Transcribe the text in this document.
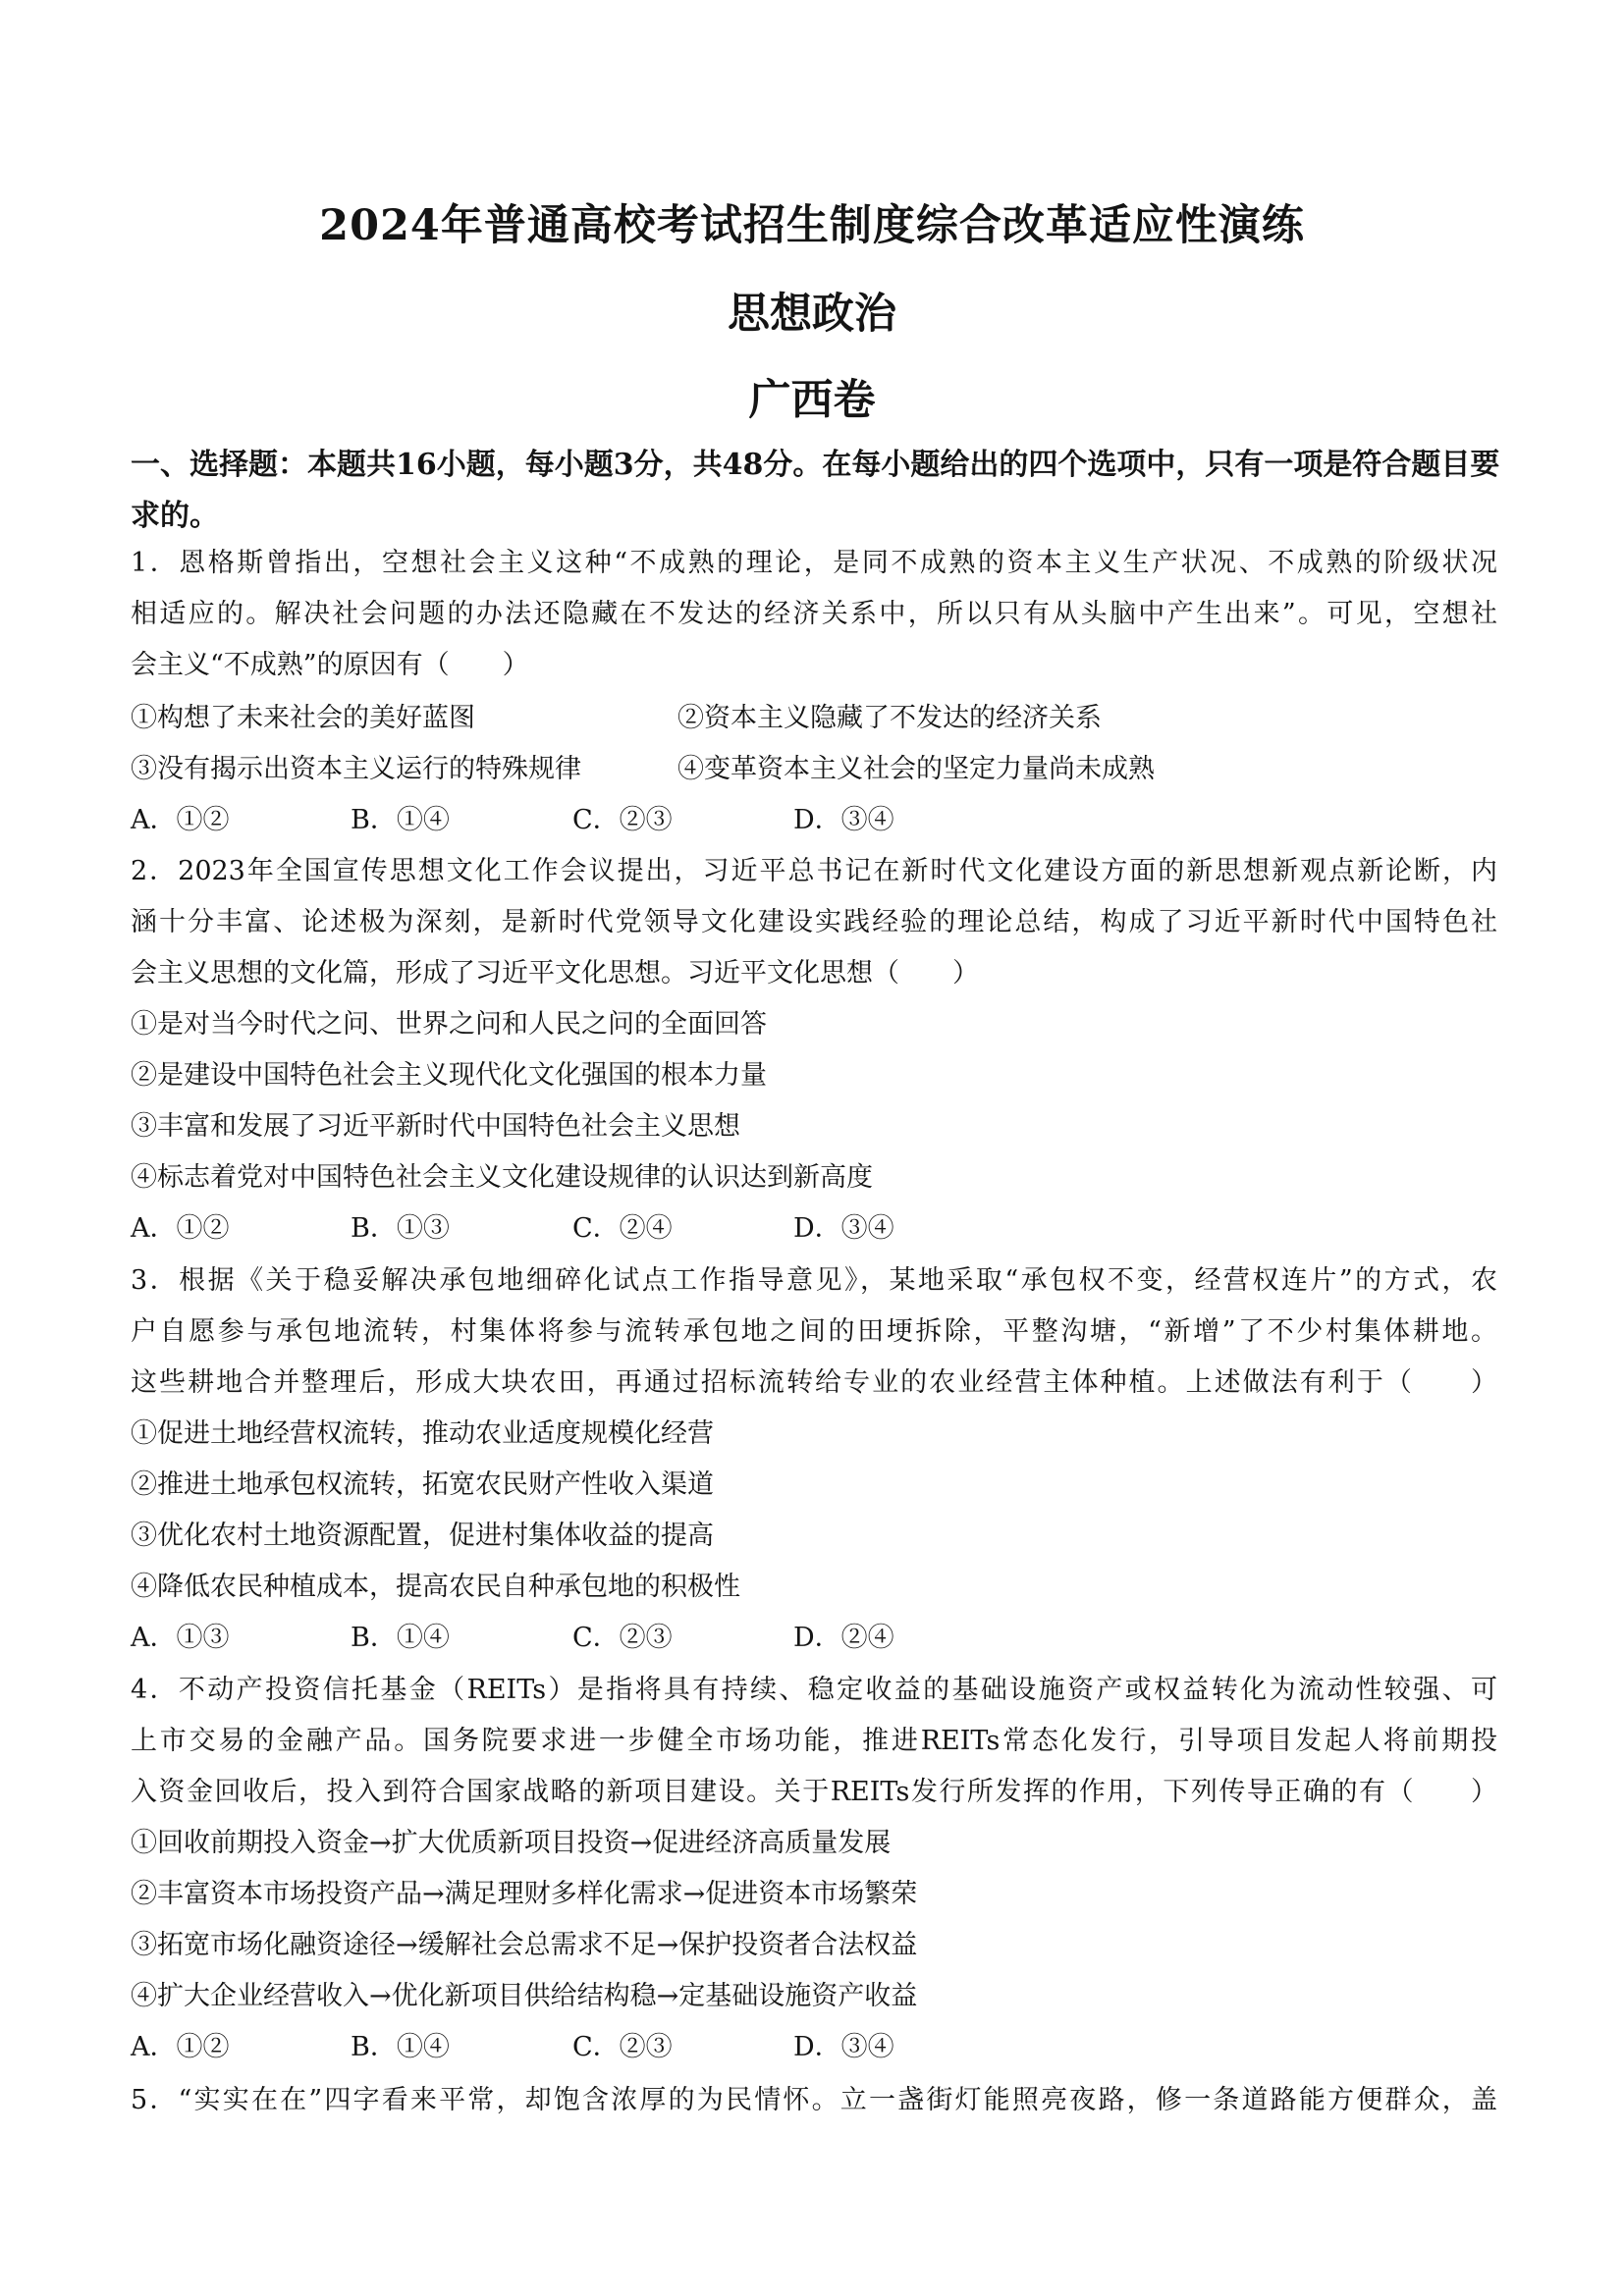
2024年普通高校考试招生制度综合改革适应性演练
思想政治
广西卷
一、选择题：本题共16小题，每小题3分，共48分。在每小题给出的四个选项中，只有一项是符合题目要求的。
1．恩格斯曾指出，空想社会主义这种“不成熟的理论，是同不成熟的资本主义生产状况、不成熟的阶级状况
相适应的。解决社会问题的办法还隐藏在不发达的经济关系中，所以只有从头脑中产生出来”。可见，空想社
会主义“不成熟”的原因有（　　）
①构想了未来社会的美好蓝图	②资本主义隐藏了不发达的经济关系
③没有揭示出资本主义运行的特殊规律	④变革资本主义社会的坚定力量尚未成熟
A．①②	B．①④	C．②③	D．③④
2．2023年全国宣传思想文化工作会议提出，习近平总书记在新时代文化建设方面的新思想新观点新论断，内
涵十分丰富、论述极为深刻，是新时代党领导文化建设实践经验的理论总结，构成了习近平新时代中国特色社
会主义思想的文化篇，形成了习近平文化思想。习近平文化思想（　　）
①是对当今时代之问、世界之问和人民之问的全面回答
②是建设中国特色社会主义现代化文化强国的根本力量
③丰富和发展了习近平新时代中国特色社会主义思想
④标志着党对中国特色社会主义文化建设规律的认识达到新高度
A．①②	B．①③	C．②④	D．③④
3．根据《关于稳妥解决承包地细碎化试点工作指导意见》，某地采取“承包权不变，经营权连片”的方式，农
户自愿参与承包地流转，村集体将参与流转承包地之间的田埂拆除，平整沟塘，“新增”了不少村集体耕地。
这些耕地合并整理后，形成大块农田，再通过招标流转给专业的农业经营主体种植。上述做法有利于（　　）
①促进土地经营权流转，推动农业适度规模化经营
②推进土地承包权流转，拓宽农民财产性收入渠道
③优化农村土地资源配置，促进村集体收益的提高
④降低农民种植成本，提高农民自种承包地的积极性
A．①③	B．①④	C．②③	D．②④
4．不动产投资信托基金（REITs）是指将具有持续、稳定收益的基础设施资产或权益转化为流动性较强、可
上市交易的金融产品。国务院要求进一步健全市场功能，推进REITs常态化发行，引导项目发起人将前期投
入资金回收后，投入到符合国家战略的新项目建设。关于REITs发行所发挥的作用，下列传导正确的有（　　）
①回收前期投入资金→扩大优质新项目投资→促进经济高质量发展
②丰富资本市场投资产品→满足理财多样化需求→促进资本市场繁荣
③拓宽市场化融资途径→缓解社会总需求不足→保护投资者合法权益
④扩大企业经营收入→优化新项目供给结构稳→定基础设施资产收益
A．①②	B．①④	C．②③	D．③④
5．“实实在在”四字看来平常，却饱含浓厚的为民情怀。立一盏街灯能照亮夜路，修一条道路能方便群众，盖
